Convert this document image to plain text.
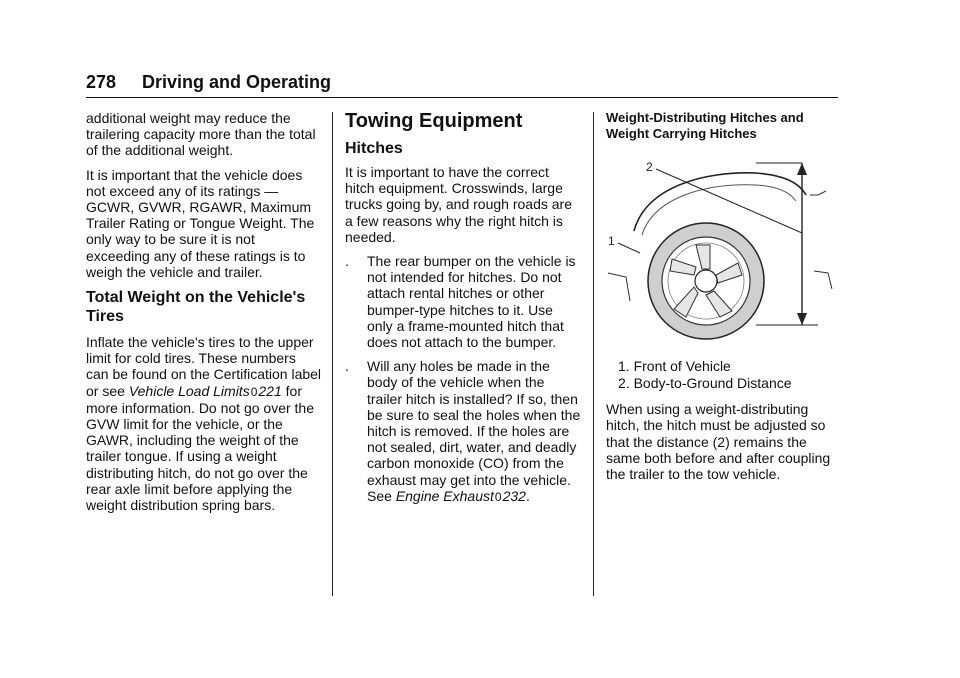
278 Driving and Operating

additional weight may reduce the trailering capacity more than the total of the additional weight.

It is important that the vehicle does not exceed any of its ratings — GCWR, GVWR, RGAWR, Maximum Trailer Rating or Tongue Weight. The only way to be sure it is not exceeding any of these ratings is to weigh the vehicle and trailer.

Total Weight on the Vehicle's Tires

Inflate the vehicle's tires to the upper limit for cold tires. These numbers can be found on the Certification label or see Vehicle Load Limits0221 for more information. Do not go over the GVW limit for the vehicle, or the GAWR, including the weight of the trailer tongue. If using a weight distributing hitch, do not go over the rear axle limit before applying the weight distribution spring bars.

Towing Equipment
Hitches

It is important to have the correct hitch equipment. Crosswinds, large trucks going by, and rough roads are a few reasons why the right hitch is needed.

. The rear bumper on the vehicle is not intended for hitches. Do not attach rental hitches or other bumper-type hitches to it. Use only a frame-mounted hitch that does not attach to the bumper.
. Will any holes be made in the body of the vehicle when the trailer hitch is installed? If so, then be sure to seal the holes when the hitch is removed. If the holes are not sealed, dirt, water, and deadly carbon monoxide (CO) from the exhaust may get into the vehicle. See Engine Exhaust0232.
Weight-Distributing Hitches and Weight Carrying Hitches
2
1
1. Front of Vehicle
2. Body-to-Ground Distance

When using a weight-distributing hitch, the hitch must be adjusted so that the distance (2) remains the same both before and after coupling the trailer to the tow vehicle.
